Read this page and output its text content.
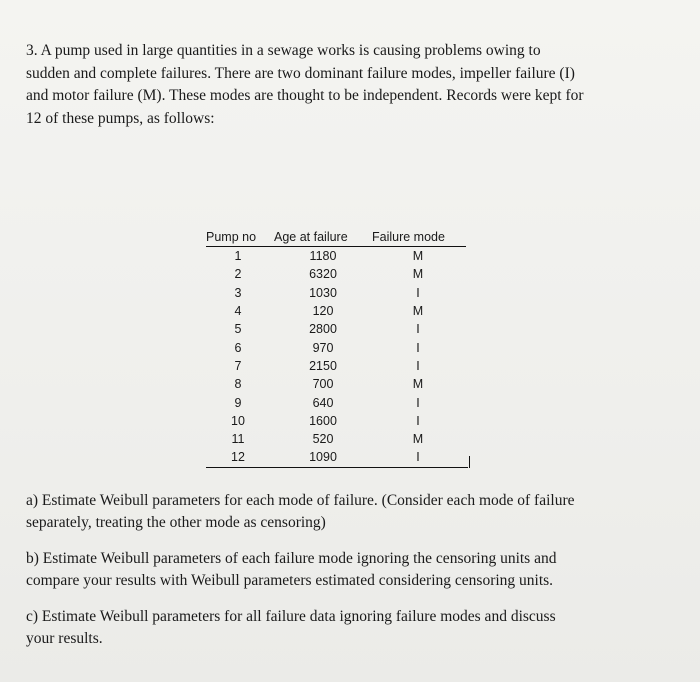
3. A pump used in large quantities in a sewage works is causing problems owing to
sudden and complete failures. There are two dominant failure modes, impeller failure (I)
and motor failure (M). These modes are thought to be independent. Records were kept for
12 of these pumps, as follows:
Pump no	Age at failure	Failure mode
1	1180	M
2	6320	M
3	1030	I
4	120	M
5	2800	I
6	970	I
7	2150	I
8	700	M
9	640	I
10	1600	I
11	520	M
12	1090	I
a) Estimate Weibull parameters for each mode of failure. (Consider each mode of failure
separately, treating the other mode as censoring)
b) Estimate Weibull parameters of each failure mode ignoring the censoring units and
compare your results with Weibull parameters estimated considering censoring units.
c) Estimate Weibull parameters for all failure data ignoring failure modes and discuss
your results.
